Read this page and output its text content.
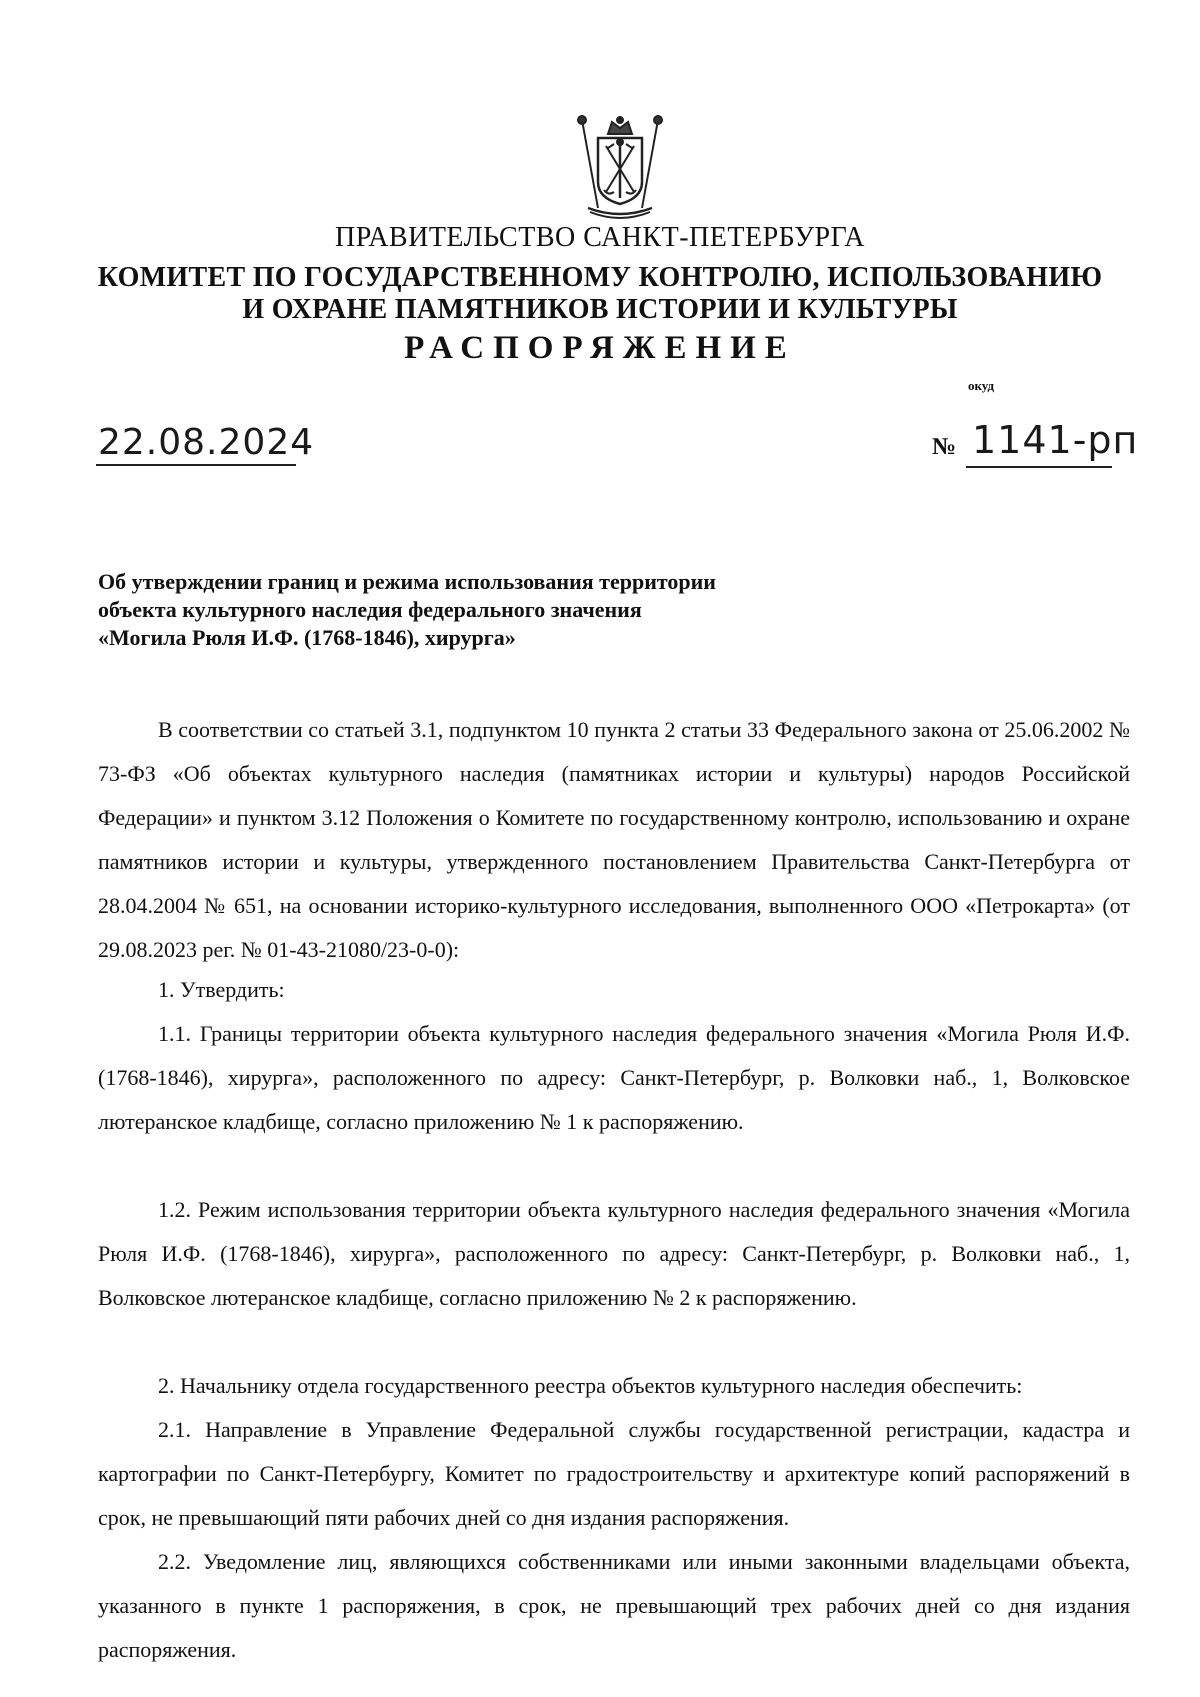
ПРАВИТЕЛЬСТВО САНКТ-ПЕТЕРБУРГА
КОМИТЕТ ПО ГОСУДАРСТВЕННОМУ КОНТРОЛЮ, ИСПОЛЬЗОВАНИЮ
И ОХРАНЕ ПАМЯТНИКОВ ИСТОРИИ И КУЛЬТУРЫ
РАСПОРЯЖЕНИЕ
окуд
22.08.2024	№ 1141-рп
Об утверждении границ и режима использования территории
объекта культурного наследия федерального значения
«Могила Рюля И.Ф. (1768-1846), хирурга»
В соответствии со статьей 3.1, подпунктом 10 пункта 2 статьи 33 Федерального закона от 25.06.2002 № 73-ФЗ «Об объектах культурного наследия (памятниках истории и культуры) народов Российской Федерации» и пунктом 3.12 Положения о Комитете по государственному контролю, использованию и охране памятников истории и культуры, утвержденного постановлением Правительства Санкт-Петербурга от 28.04.2004 № 651, на основании историко-культурного исследования, выполненного ООО «Петрокарта» (от 29.08.2023 рег. № 01-43-21080/23-0-0):
1. Утвердить:
1.1. Границы территории объекта культурного наследия федерального значения «Могила Рюля И.Ф. (1768-1846), хирурга», расположенного по адресу: Санкт-Петербург, р. Волковки наб., 1, Волковское лютеранское кладбище, согласно приложению № 1 к распоряжению.
1.2. Режим использования территории объекта культурного наследия федерального значения «Могила Рюля И.Ф. (1768-1846), хирурга», расположенного по адресу: Санкт-Петербург, р. Волковки наб., 1, Волковское лютеранское кладбище, согласно приложению № 2 к распоряжению.
2. Начальнику отдела государственного реестра объектов культурного наследия обеспечить:
2.1. Направление в Управление Федеральной службы государственной регистрации, кадастра и картографии по Санкт-Петербургу, Комитет по градостроительству и архитектуре копий распоряжений в срок, не превышающий пяти рабочих дней со дня издания распоряжения.
2.2. Уведомление лиц, являющихся собственниками или иными законными владельцами объекта, указанного в пункте 1 распоряжения, в срок, не превышающий трех рабочих дней со дня издания распоряжения.
